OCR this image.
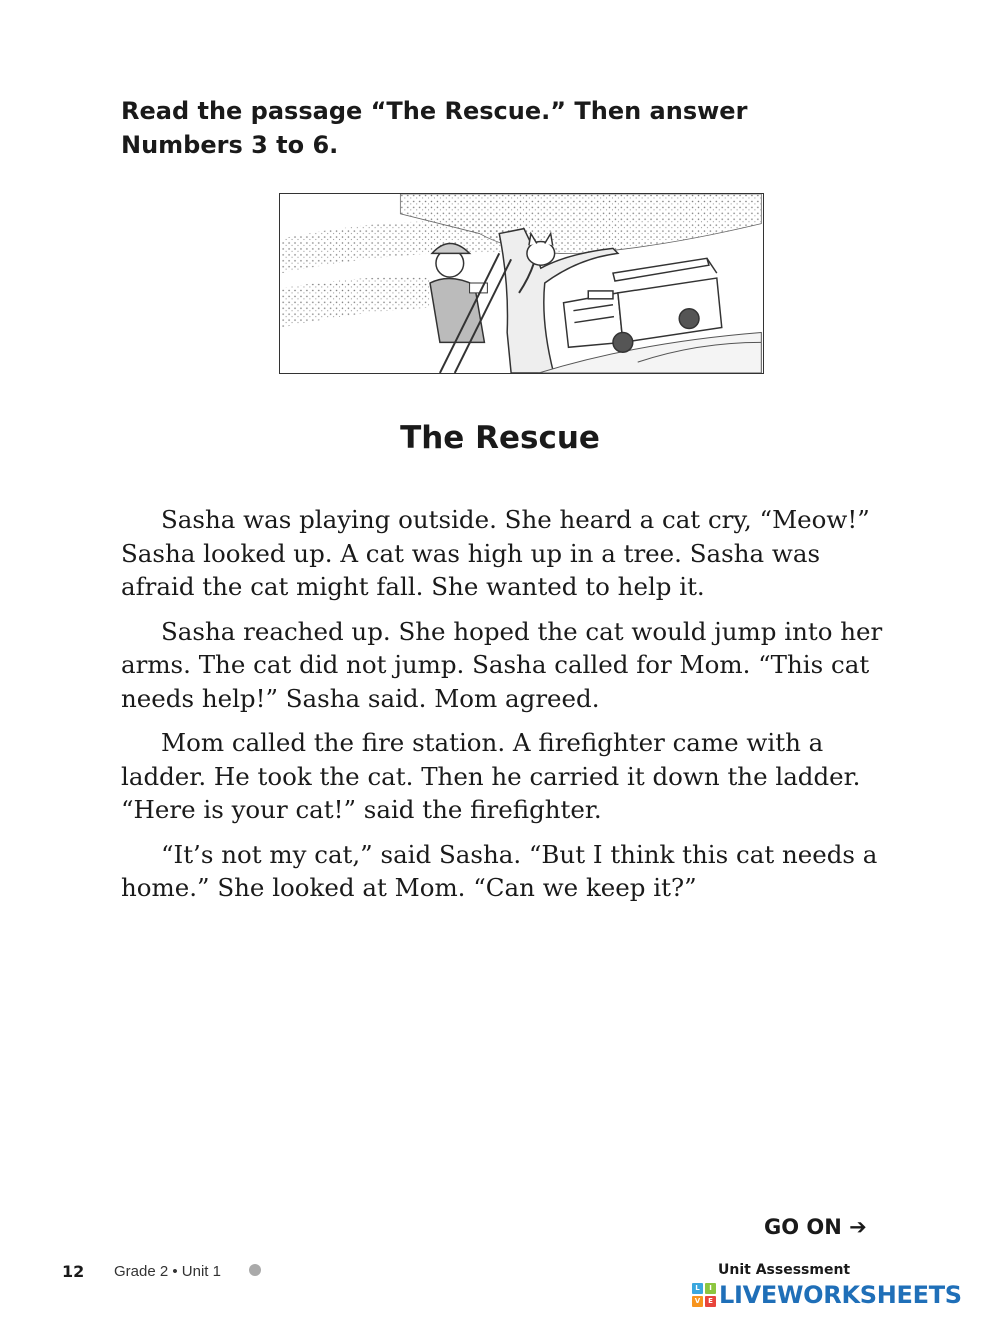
Read the passage “The Rescue.” Then answer Numbers 3 to 6.

The Rescue

Sasha was playing outside. She heard a cat cry, “Meow!” Sasha looked up. A cat was high up in a tree. Sasha was afraid the cat might fall. She wanted to help it.

Sasha reached up. She hoped the cat would jump into her arms. The cat did not jump. Sasha called for Mom. “This cat needs help!” Sasha said. Mom agreed.

Mom called the fire station. A firefighter came with a ladder. He took the cat. Then he carried it down the ladder. “Here is your cat!” said the firefighter.

“It’s not my cat,” said Sasha. “But I think this cat needs a home.” She looked at Mom. “Can we keep it?”

GO ON ➔
12 Grade 2 • Unit 1	Unit Assessment
L	I
V	E LIVEWORKSHEETS
